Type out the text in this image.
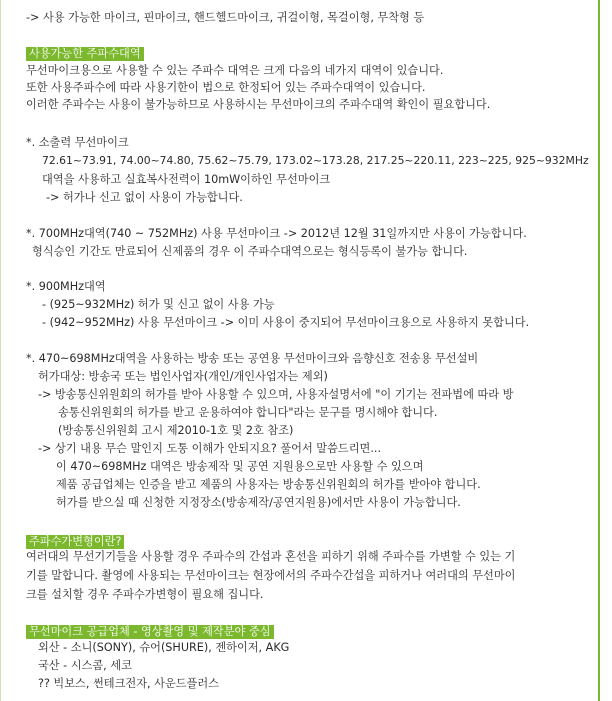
-> 사용 가능한 마이크, 핀마이크, 핸드헬드마이크, 귀걸이형, 목걸이형, 무착형 등
사용가능한 주파수대역
무선마이크용으로 사용할 수 있는 주파수 대역은 크게 다음의 네가지 대역이 있습니다.
또한 사용주파수에 따라 사용기한이 법으로 한정되어 있는 주파수대역이 있습니다.
이러한 주파수는 사용이 불가능하므로 사용하시는 무선마이크의 주파수대역 확인이 필요합니다.
*. 소출력 무선마이크
72.61~73.91, 74.00~74.80, 75.62~75.79, 173.02~173.28, 217.25~220.11, 223~225, 925~932MHz
대역을 사용하고 실효복사전력이 10mW이하인 무선마이크
-> 허가나 신고 없이 사용이 가능합니다.
*. 700MHz대역(740 ~ 752MHz) 사용 무선마이크 -> 2012년 12월 31일까지만 사용이 가능합니다.
형식승인 기간도 만료되어 신제품의 경우 이 주파수대역으로는 형식등록이 불가능 합니다.
*. 900MHz대역
- (925~932MHz) 허가 및 신고 없이 사용 가능
- (942~952MHz) 사용 무선마이크 -> 이미 사용이 중지되어 무선마이크용으로 사용하지 못합니다.
*. 470~698MHz대역을 사용하는 방송 또는 공연용 무선마이크와 음향신호 전송용 무선설비
허가대상: 방송국 또는 법인사업자(개인/개인사업자는 제외)
-> 방송통신위원회의 허가를 받아 사용할 수 있으며, 사용자설명서에 "이 기기는 전파법에 따라 방
송통신위원회의 허가를 받고 운용하여야 합니다"라는 문구를 명시해야 합니다.
(방송통신위원회 고시 제2010-1호 및 2호 참조)
-> 상기 내용 무슨 말인지 도통 이해가 안되지요? 풀어서 말씀드리면...
이 470~698MHz 대역은 방송제작 및 공연 지원용으로만 사용할 수 있으며
제품 공급업체는 인증을 받고 제품의 사용자는 방송통신위원회의 허가를 받아야 합니다.
허가를 받으실 때 신청한 지정장소(방송제작/공연지원용)에서만 사용이 가능합니다.
주파수가변형이란?
여러대의 무선기기들을 사용할 경우 주파수의 간섭과 혼선을 피하기 위해 주파수를 가변할 수 있는 기
기를 말합니다. 촬영에 사용되는 무선마이크는 현장에서의 주파수간섭을 피하거나 여러대의 무선마이
크를 설치할 경우 주파수가변형이 필요해 집니다.
무선마이크 공급업체 - 영상촬영 및 제작분야 중심
외산 - 소니(SONY), 슈어(SHURE), 젠하이저, AKG
국산 - 시스콤, 세코
?? 빅보스, 썬테크전자, 사운드플러스
